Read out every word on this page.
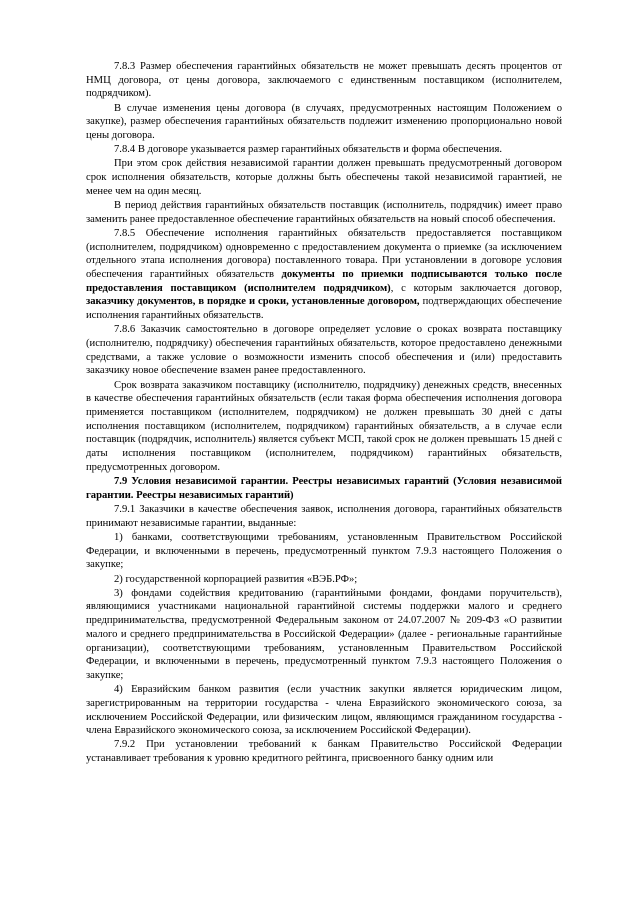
7.8.3 Размер обеспечения гарантийных обязательств не может превышать десять процентов от НМЦ договора, от цены договора, заключаемого с единственным поставщиком (исполнителем, подрядчиком).

В случае изменения цены договора (в случаях, предусмотренных настоящим Положением о закупке), размер обеспечения гарантийных обязательств подлежит изменению пропорционально новой цены договора.

7.8.4 В договоре указывается размер гарантийных обязательств и форма обеспечения.

При этом срок действия независимой гарантии должен превышать предусмотренный договором срок исполнения обязательств, которые должны быть обеспечены такой независимой гарантией, не менее чем на один месяц.

В период действия гарантийных обязательств поставщик (исполнитель, подрядчик) имеет право заменить ранее предоставленное обеспечение гарантийных обязательств на новый способ обеспечения.

7.8.5 Обеспечение исполнения гарантийных обязательств предоставляется поставщиком (исполнителем, подрядчиком) одновременно с предоставлением документа о приемке (за исключением отдельного этапа исполнения договора) поставленного товара. При установлении в договоре условия обеспечения гарантийных обязательств документы по приемки подписываются только после предоставления поставщиком (исполнителем подрядчиком), с которым заключается договор, заказчику документов, в порядке и сроки, установленные договором, подтверждающих обеспечение исполнения гарантийных обязательств.

7.8.6 Заказчик самостоятельно в договоре определяет условие о сроках возврата поставщику (исполнителю, подрядчику) обеспечения гарантийных обязательств, которое предоставлено денежными средствами, а также условие о возможности изменить способ обеспечения и (или) предоставить заказчику новое обеспечение взамен ранее предоставленного.

Срок возврата заказчиком поставщику (исполнителю, подрядчику) денежных средств, внесенных в качестве обеспечения гарантийных обязательств (если такая форма обеспечения исполнения договора применяется поставщиком (исполнителем, подрядчиком) не должен превышать 30 дней с даты исполнения поставщиком (исполнителем, подрядчиком) гарантийных обязательств, а в случае если поставщик (подрядчик, исполнитель) является субъект МСП, такой срок не должен превышать 15 дней с даты исполнения поставщиком (исполнителем, подрядчиком) гарантийных обязательств, предусмотренных договором.

7.9 Условия независимой гарантии. Реестры независимых гарантий (Условия независимой гарантии. Реестры независимых гарантий)

7.9.1 Заказчики в качестве обеспечения заявок, исполнения договора, гарантийных обязательств принимают независимые гарантии, выданные:

1) банками, соответствующими требованиям, установленным Правительством Российской Федерации, и включенными в перечень, предусмотренный пунктом 7.9.3 настоящего Положения о закупке;

2) государственной корпорацией развития «ВЭБ.РФ»;

3) фондами содействия кредитованию (гарантийными фондами, фондами поручительств), являющимися участниками национальной гарантийной системы поддержки малого и среднего предпринимательства, предусмотренной Федеральным законом от 24.07.2007 № 209-ФЗ «О развитии малого и среднего предпринимательства в Российской Федерации» (далее - региональные гарантийные организации), соответствующими требованиям, установленным Правительством Российской Федерации, и включенными в перечень, предусмотренный пунктом 7.9.3 настоящего Положения о закупке;

4) Евразийским банком развития (если участник закупки является юридическим лицом, зарегистрированным на территории государства - члена Евразийского экономического союза, за исключением Российской Федерации, или физическим лицом, являющимся гражданином государства - члена Евразийского экономического союза, за исключением Российской Федерации).

7.9.2 При установлении требований к банкам Правительство Российской Федерации устанавливает требования к уровню кредитного рейтинга, присвоенного банку одним или
